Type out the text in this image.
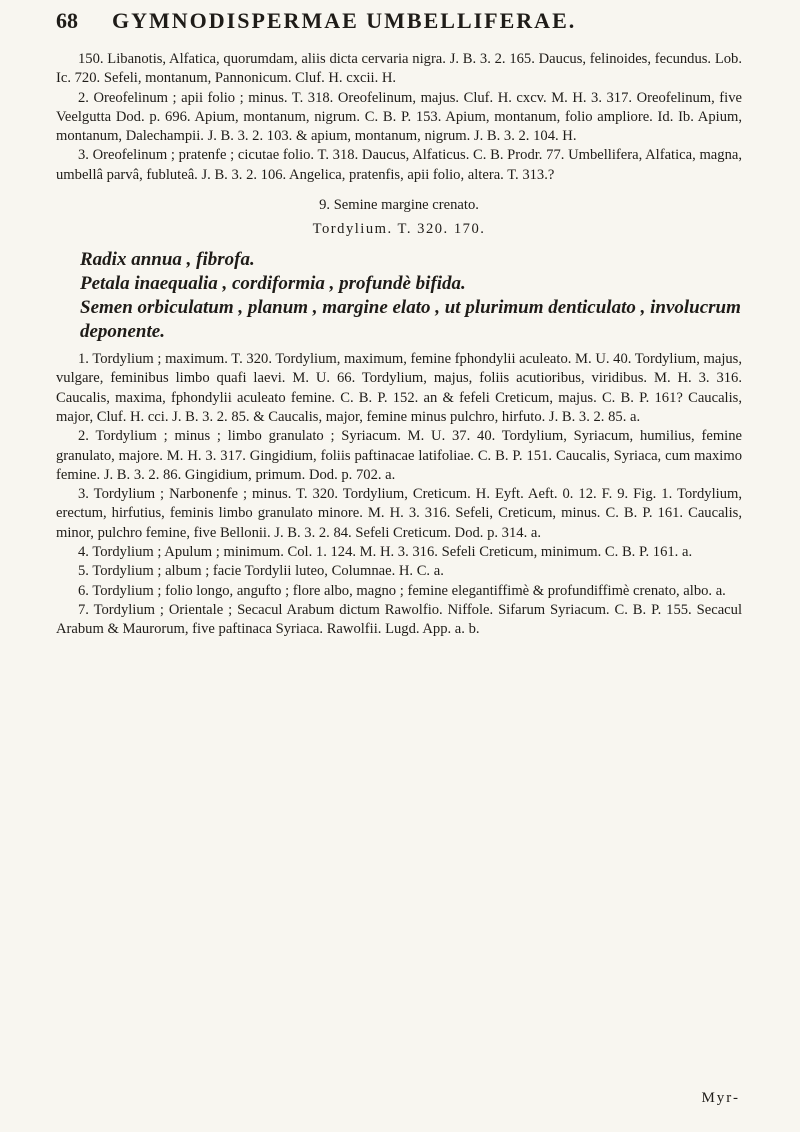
68	GYMNODISPERMAE UMBELLIFERAE.

150. Libanotis, Alfatica, quorumdam, aliis dicta cervaria nigra. J. B. 3. 2. 165. Daucus, felinoides, fecundus. Lob. Ic. 720. Sefeli, montanum, Pannonicum. Cluf. H. cxcii. H.

2. Oreofelinum ; apii folio ; minus. T. 318. Oreofelinum, majus. Cluf. H. cxcv. M. H. 3. 317. Oreofelinum, five Veelgutta Dod. p. 696. Apium, montanum, nigrum. C. B. P. 153. Apium, montanum, folio ampliore. Id. Ib. Apium, montanum, Dalechampii. J. B. 3. 2. 103. & apium, montanum, nigrum. J. B. 3. 2. 104. H.

3. Oreofelinum ; pratenfe ; cicutae folio. T. 318. Daucus, Alfaticus. C. B. Prodr. 77. Umbellifera, Alfatica, magna, umbellâ parvâ, fubluteâ. J. B. 3. 2. 106. Angelica, pratenfis, apii folio, altera. T. 313.?

9. Semine margine crenato.
Tordylium. T. 320. 170.

Radix annua , fibrofa.

Petala inaequalia , cordiformia , profundè bifida.

Semen orbiculatum , planum , margine elato , ut plurimum denticulato , involucrum deponente.

1. Tordylium ; maximum. T. 320. Tordylium, maximum, femine fphondylii aculeato. M. U. 40. Tordylium, majus, vulgare, feminibus limbo quafi laevi. M. U. 66. Tordylium, majus, foliis acutioribus, viridibus. M. H. 3. 316. Caucalis, maxima, fphondylii aculeato femine. C. B. P. 152. an & fefeli Creticum, majus. C. B. P. 161? Caucalis, major, Cluf. H. cci. J. B. 3. 2. 85. & Caucalis, major, femine minus pulchro, hirfuto. J. B. 3. 2. 85. a.

2. Tordylium ; minus ; limbo granulato ; Syriacum. M. U. 37. 40. Tordylium, Syriacum, humilius, femine granulato, majore. M. H. 3. 317. Gingidium, foliis paftinacae latifoliae. C. B. P. 151. Caucalis, Syriaca, cum maximo femine. J. B. 3. 2. 86. Gingidium, primum. Dod. p. 702. a.

3. Tordylium ; Narbonenfe ; minus. T. 320. Tordylium, Creticum. H. Eyft. Aeft. 0. 12. F. 9. Fig. 1. Tordylium, erectum, hirfutius, feminis limbo granulato minore. M. H. 3. 316. Sefeli, Creticum, minus. C. B. P. 161. Caucalis, minor, pulchro femine, five Bellonii. J. B. 3. 2. 84. Sefeli Creticum. Dod. p. 314. a.

4. Tordylium ; Apulum ; minimum. Col. 1. 124. M. H. 3. 316. Sefeli Creticum, minimum. C. B. P. 161. a.

5. Tordylium ; album ; facie Tordylii luteo, Columnae. H. C. a.

6. Tordylium ; folio longo, angufto ; flore albo, magno ; femine elegantiffimè & profundiffimè crenato, albo. a.

7. Tordylium ; Orientale ; Secacul Arabum dictum Rawolfio. Niffole. Sifarum Syriacum. C. B. P. 155. Secacul Arabum & Maurorum, five paftinaca Syriaca. Rawolfii. Lugd. App. a. b.

Myr-
